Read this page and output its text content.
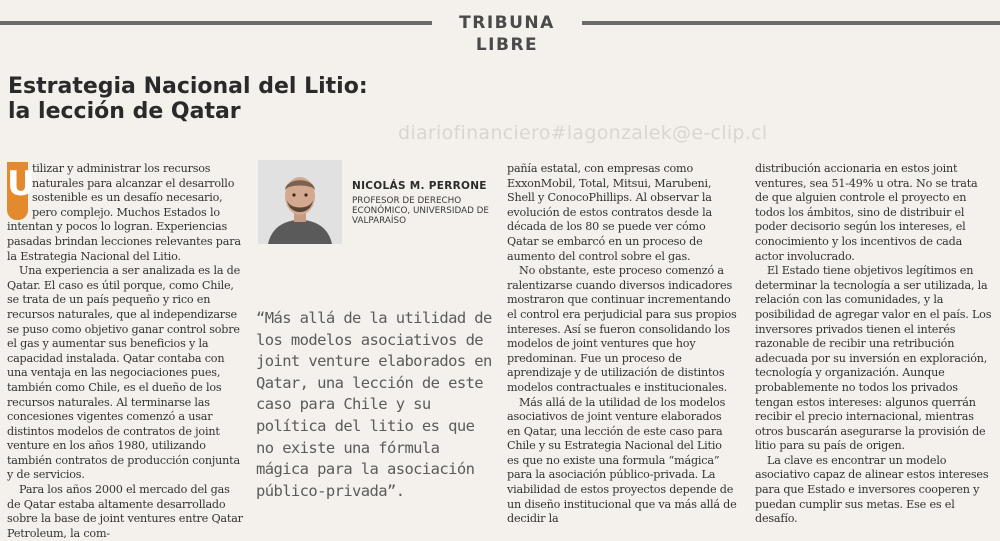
TRIBUNA LIBRE
Estrategia Nacional del Litio:
la lección de Qatar
diariofinanciero#lagonzalek@e-clip.cl

U
tilizar y administrar los recursos naturales para alcanzar el desarrollo sostenible es un desafío necesario, pero complejo. Muchos Estados lo intentan y pocos lo logran. Experiencias pasadas brindan lecciones relevantes para la Estrategia Nacional del Litio.

Una experiencia a ser analizada es la de Qatar. El caso es útil porque, como Chile, se trata de un país pequeño y rico en recursos naturales, que al independizarse se puso como objetivo ganar control sobre el gas y aumentar sus beneficios y la capacidad instalada. Qatar contaba con una ventaja en las negociaciones pues, también como Chile, es el dueño de los recursos naturales. Al terminarse las concesiones vigentes comenzó a usar distintos modelos de contratos de joint venture en los años 1980, utilizando también contratos de producción conjunta y de servicios.

Para los años 2000 el mercado del gas de Qatar estaba altamente desarrollado sobre la base de joint ventures entre Qatar Petroleum, la com-

NICOLÁS M. PERRONE
PROFESOR DE DERECHO ECONÓMICO, UNIVERSIDAD DE VALPARAÍSO
“Más allá de la utilidad de los modelos asociativos de joint venture elaborados en Qatar, una lección de este caso para Chile y su política del litio es que no existe una fórmula mágica para la asociación público-privada”.

pañía estatal, con empresas como ExxonMobil, Total, Mitsui, Marubeni, Shell y ConocoPhillips. Al observar la evolución de estos contratos desde la década de los 80 se puede ver cómo Qatar se embarcó en un proceso de aumento del control sobre el gas.

No obstante, este proceso comenzó a ralentizarse cuando diversos indicadores mostraron que continuar incrementando el control era perjudicial para sus propios intereses. Así se fueron consolidando los modelos de joint ventures que hoy predominan. Fue un proceso de aprendizaje y de utilización de distintos modelos contractuales e institucionales.

Más allá de la utilidad de los modelos asociativos de joint venture elaborados en Qatar, una lección de este caso para Chile y su Estrategia Nacional del Litio es que no existe una formula “mágica” para la asociación público-privada. La viabilidad de estos proyectos depende de un diseño institucional que va más allá de decidir la

distribución accionaria en estos joint ventures, sea 51-49% u otra. No se trata de que alguien controle el proyecto en todos los ámbitos, sino de distribuir el poder decisorio según los intereses, el conocimiento y los incentivos de cada actor involucrado.

El Estado tiene objetivos legítimos en determinar la tecnología a ser utilizada, la relación con las comunidades, y la posibilidad de agregar valor en el país. Los inversores privados tienen el interés razonable de recibir una retribución adecuada por su inversión en exploración, tecnología y organización. Aunque probablemente no todos los privados tengan estos intereses: algunos querrán recibir el precio internacional, mientras otros buscarán asegurarse la provisión de litio para su país de origen.

La clave es encontrar un modelo asociativo capaz de alinear estos intereses para que Estado e inversores cooperen y puedan cumplir sus metas. Ese es el desafío.
